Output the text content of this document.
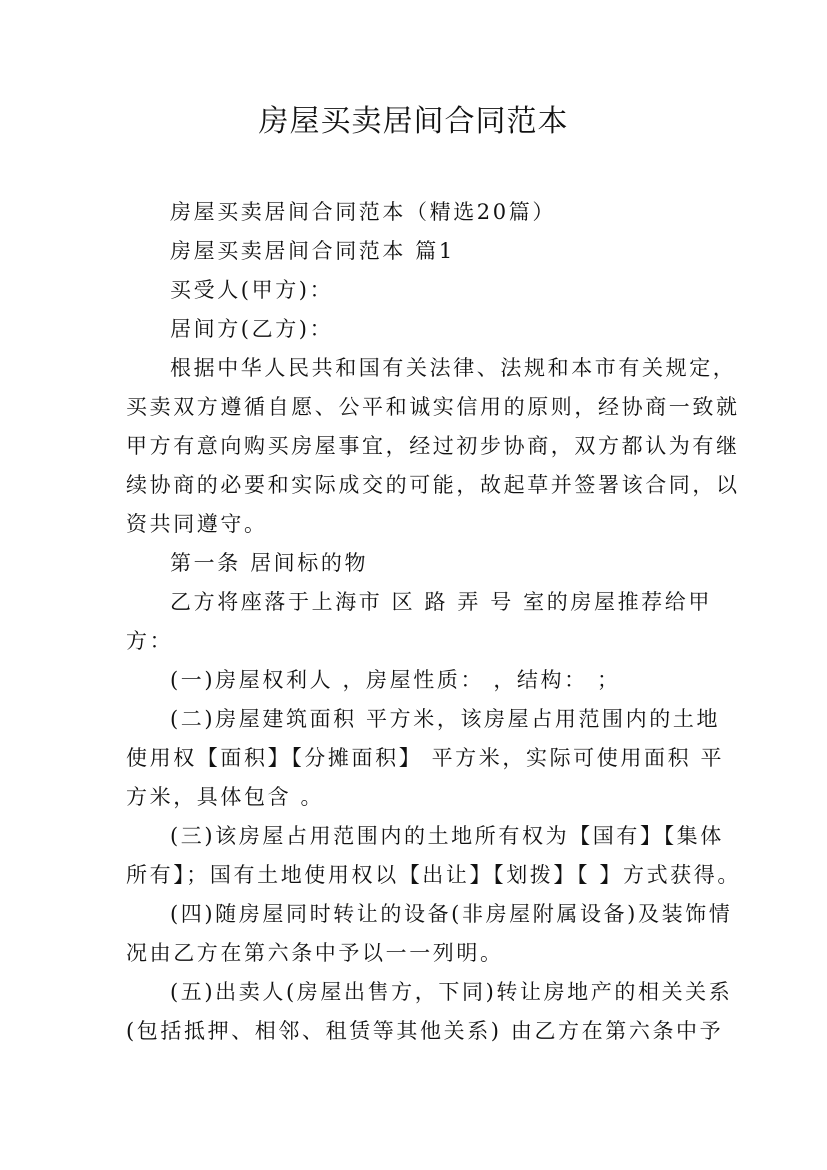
房屋买卖居间合同范本
房屋买卖居间合同范本（精选20篇）
房屋买卖居间合同范本 篇1
买受人(甲方)：
居间方(乙方)：
根据中华人民共和国有关法律、法规和本市有关规定，
买卖双方遵循自愿、公平和诚实信用的原则，经协商一致就
甲方有意向购买房屋事宜，经过初步协商，双方都认为有继
续协商的必要和实际成交的可能，故起草并签署该合同，以
资共同遵守。
第一条 居间标的物
乙方将座落于上海市 区 路 弄 号 室的房屋推荐给甲
方：
(一)房屋权利人 ，房屋性质： ，结构： ；
(二)房屋建筑面积 平方米，该房屋占用范围内的土地
使用权【面积】【分摊面积】 平方米，实际可使用面积 平
方米，具体包含 。
(三)该房屋占用范围内的土地所有权为【国有】【集体
所有】；国有土地使用权以【出让】【划拨】【 】方式获得。
(四)随房屋同时转让的设备(非房屋附属设备)及装饰情
况由乙方在第六条中予以一一列明。
(五)出卖人(房屋出售方，下同)转让房地产的相关关系
(包括抵押、相邻、租赁等其他关系) 由乙方在第六条中予
